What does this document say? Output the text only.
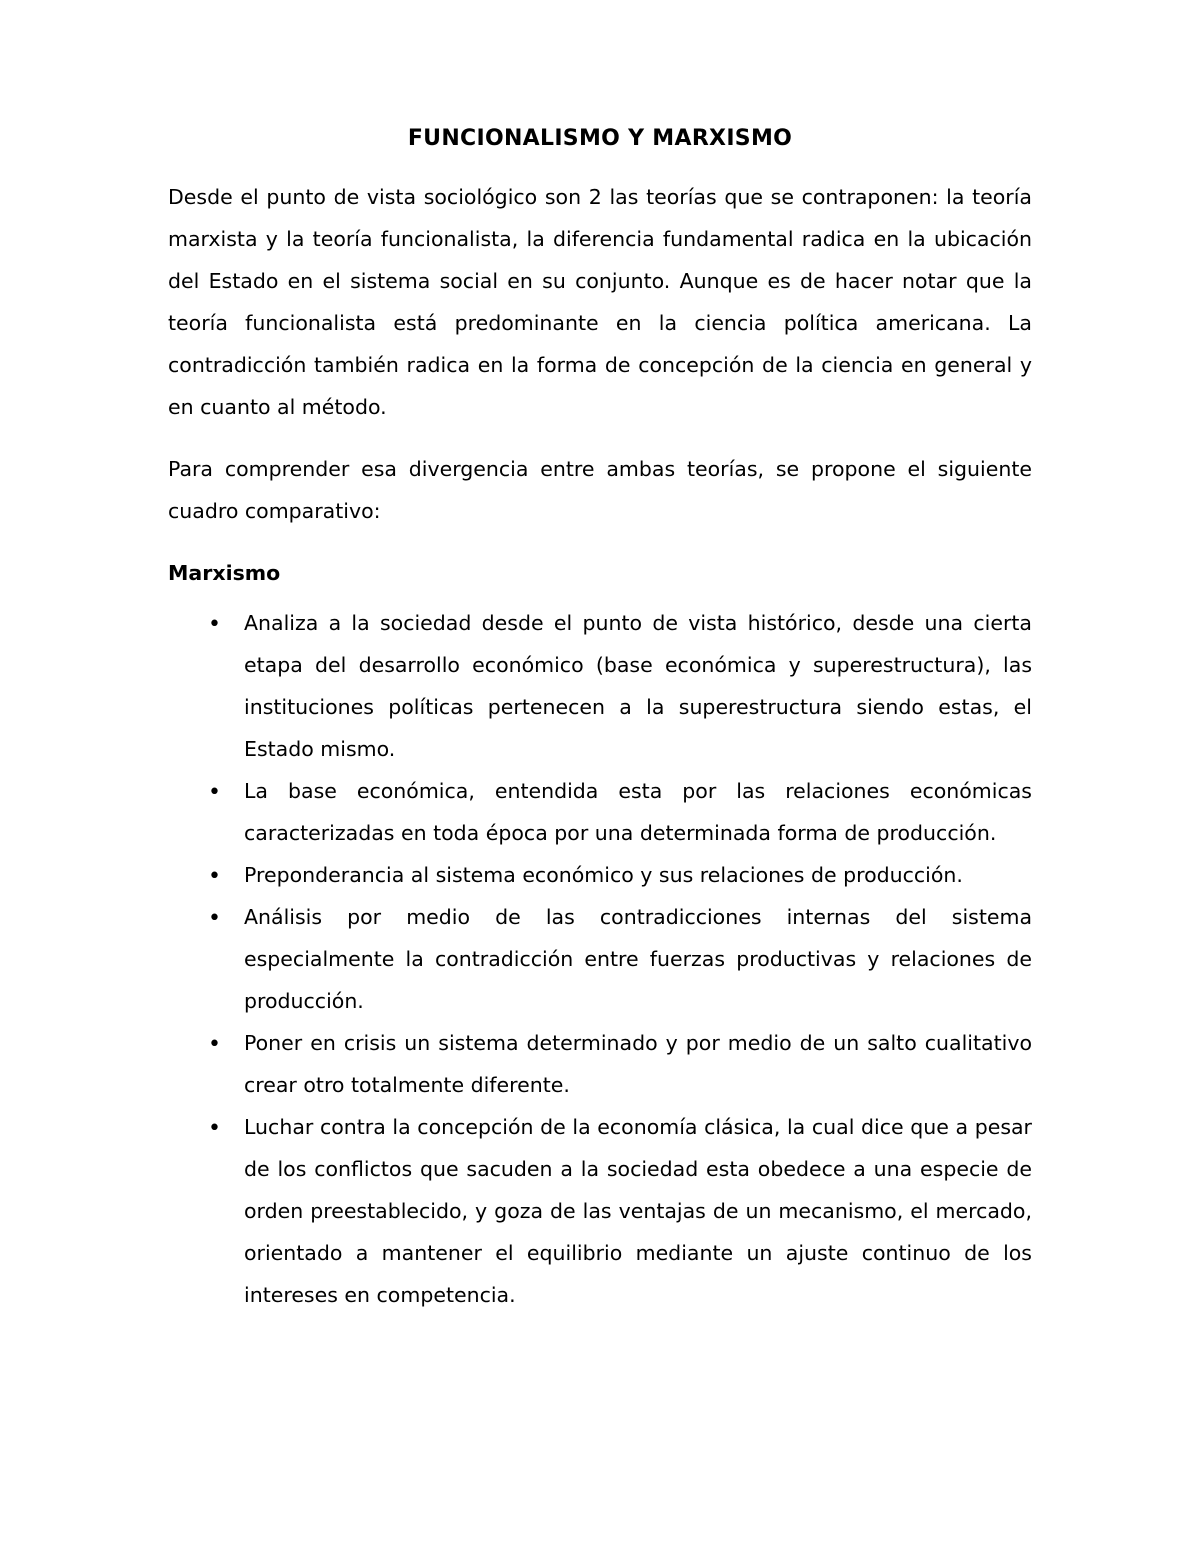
FUNCIONALISMO Y MARXISMO

Desde el punto de vista sociológico son 2 las teorías que se contraponen: la teoría marxista y la teoría funcionalista, la diferencia fundamental radica en la ubicación del Estado en el sistema social en su conjunto. Aunque es de hacer notar que la teoría funcionalista está predominante en la ciencia política americana. La contradicción también radica en la forma de concepción de la ciencia en general y en cuanto al método.

Para comprender esa divergencia entre ambas teorías, se propone el siguiente cuadro comparativo:

Marxismo

• Analiza a la sociedad desde el punto de vista histórico, desde una cierta etapa del desarrollo económico (base económica y superestructura), las instituciones políticas pertenecen a la superestructura siendo estas, el Estado mismo.
• La base económica, entendida esta por las relaciones económicas caracterizadas en toda época por una determinada forma de producción.
• Preponderancia al sistema económico y sus relaciones de producción.
• Análisis por medio de las contradicciones internas del sistema especialmente la contradicción entre fuerzas productivas y relaciones de producción.
• Poner en crisis un sistema determinado y por medio de un salto cualitativo crear otro totalmente diferente.
• Luchar contra la concepción de la economía clásica, la cual dice que a pesar de los conflictos que sacuden a la sociedad esta obedece a una especie de orden preestablecido, y goza de las ventajas de un mecanismo, el mercado, orientado a mantener el equilibrio mediante un ajuste continuo de los intereses en competencia.
